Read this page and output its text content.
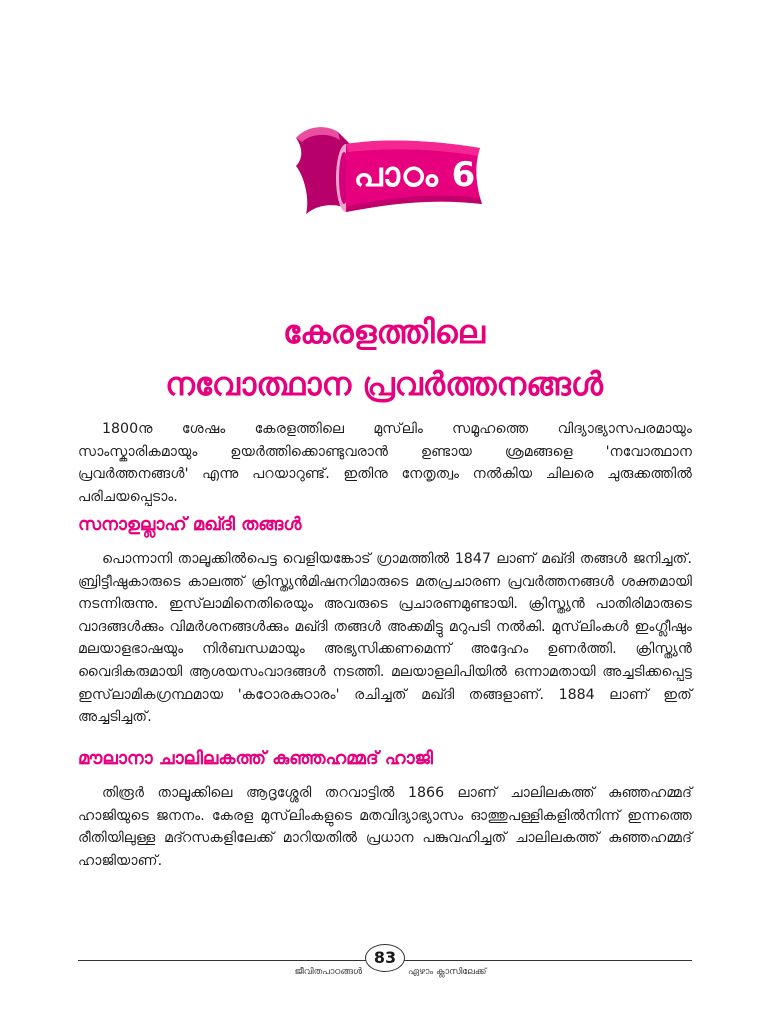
പാഠം 6
കേരളത്തിലെ
നവോത്ഥാന പ്രവർത്തനങ്ങൾ

1800നു ശേഷം കേരളത്തിലെ മുസ്‌ലിം സമൂഹത്തെ വിദ്യാഭ്യാസപരമായും സാംസ്കാരികമായും ഉയർത്തിക്കൊണ്ടുവരാൻ ഉണ്ടായ ശ്രമങ്ങളെ 'നവോത്ഥാന പ്രവർത്തനങ്ങൾ' എന്നു പറയാറുണ്ട്. ഇതിനു നേതൃത്വം നൽകിയ ചിലരെ ചുരുക്കത്തിൽ പരിചയപ്പെടാം.

സനാഉല്ലാഹ് മഖ്ദി തങ്ങൾ

പൊന്നാനി താലൂക്കിൽപെട്ട വെളിയങ്കോട് ഗ്രാമത്തിൽ 1847 ലാണ് മഖ്ദി തങ്ങൾ ജനിച്ചത്. ബ്രിട്ടീഷുകാരുടെ കാലത്ത് ക്രിസ്ത്യൻമിഷനറിമാരുടെ മതപ്രചാരണ പ്രവർത്തനങ്ങൾ ശക്തമായി നടന്നിരുന്നു. ഇസ്‌ലാമിനെതിരെയും അവരുടെ പ്രചാരണമുണ്ടായി. ക്രിസ്ത്യൻ പാതിരിമാരുടെ വാദങ്ങൾക്കും വിമർശനങ്ങൾക്കും മഖ്ദി തങ്ങൾ അക്കമിട്ടു മറുപടി നൽകി. മുസ്‌ലിംകൾ ഇംഗ്ലീഷും മലയാളഭാഷയും നിർബന്ധമായും അഭ്യസിക്കണമെന്ന് അദ്ദേഹം ഉണർത്തി. ക്രിസ്ത്യൻ വൈദികരുമായി ആശയസംവാദങ്ങൾ നടത്തി. മലയാളലിപിയിൽ ഒന്നാമതായി അച്ചടിക്കപ്പെട്ട ഇസ്‌ലാമികഗ്രന്ഥമായ 'കഠോരകുഠാരം' രചിച്ചത് മഖ്ദി തങ്ങളാണ്. 1884 ലാണ് ഇത് അച്ചടിച്ചത്.

മൗലാനാ ചാലിലകത്ത് കുഞ്ഞഹമ്മദ് ഹാജി

തിരൂർ താലൂക്കിലെ ആദൃശ്ശേരി തറവാട്ടിൽ 1866 ലാണ് ചാലിലകത്ത് കുഞ്ഞഹമ്മദ് ഹാജിയുടെ ജനനം. കേരള മുസ്‌ലിംകളുടെ മതവിദ്യാഭ്യാസം ഓത്തുപള്ളികളിൽനിന്ന് ഇന്നത്തെ രീതിയിലുള്ള മദ്റസകളിലേക്ക് മാറിയതിൽ പ്രധാന പങ്കുവഹിച്ചത് ചാലിലകത്ത് കുഞ്ഞഹമ്മദ് ഹാജിയാണ്.

ജീവിതപാഠങ്ങൾ
83
ഏഴാം ക്ലാസിലേക്ക്
